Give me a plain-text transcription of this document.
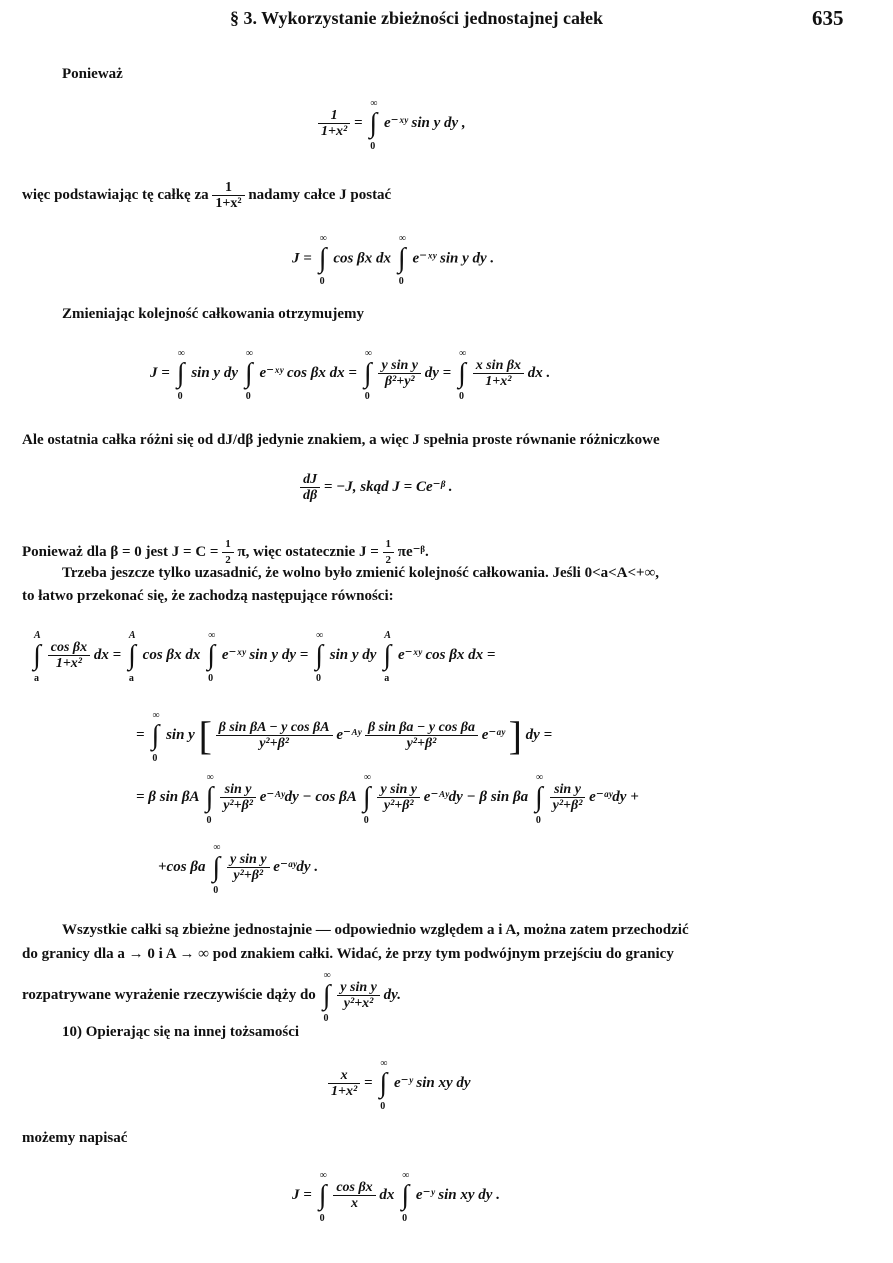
§ 3. Wykorzystanie zbieżności jednostajnej całek	635
Ponieważ
$\frac{1}{\text{1+x²}}$ =
∞
∫
0
e⁻ˣʸ sin y dy ,
więc podstawiając tę całkę za $\frac{1}{\text{1+x²}}$ nadamy całce J postać
J =
∞
∫
0
cos βx dx
∞
∫
0
e⁻ˣʸ sin y dy .
Zmieniając kolejność całkowania otrzymujemy
J =
∞
∫
0
sin y dy
∞
∫
0
e⁻ˣʸ cos βx dx =
∞
∫
0

$\frac{\text{y sin y}}{\text{β²+y²}}$ dy =
∞
∫
0

$\frac{\text{x sin βx}}{\text{1+x²}}$ dx .
Ale ostatnia całka różni się od dJ/dβ jedynie znakiem, a więc J spełnia proste równanie różniczkowe
$\frac{dJ}{d\beta} = -J$, skąd J = Ce⁻ᵝ .
Ponieważ dla β = 0 jest $J = C = \frac{1}{2} \pi$, więc ostatecznie $J = \frac{1}{2}$ πe⁻ᵝ.
Trzeba jeszcze tylko uzasadnić, że wolno było zmienić kolejność całkowania. Jeśli 0<a<A<+∞,
to łatwo przekonać się, że zachodzą następujące równości:
A
∫
a

$\frac{\text{cos βx}}{\text{1+x²}}$ dx =
A
∫
a
cos βx dx
∞
∫
0
e⁻ˣʸ sin y dy =
∞
∫
0
sin y dy
A
∫
a
e⁻ˣʸ cos βx dx =
=
∞
∫
0
sin y [ $\frac{\text{β sin βA − y cos βA}}{\text{y²+β²}}$ e⁻ᴬʸ $\frac{\text{β sin βa − y cos βa}}{\text{y²+β²}}$ e⁻ᵃʸ ] dy =
= β sin βA
∞
∫
0

$\frac{\text{sin y}}{\text{y²+β²}}$ e⁻ᴬʸdy − cos βA
∞
∫
0

$\frac{\text{y sin y}}{\text{y²+β²}}$ e⁻ᴬʸdy − β sin βa
∞
∫
0

$\frac{\text{sin y}}{\text{y²+β²}}$ e⁻ᵃʸdy +
+cos βa
∞
∫
0

$\frac{\text{y sin y}}{\text{y²+β²}}$ e⁻ᵃʸdy .
Wszystkie całki są zbieżne jednostajnie — odpowiednio względem a i A, można zatem przechodzić
do granicy dla a → 0 i A → ∞ pod znakiem całki. Widać, że przy tym podwójnym przejściu do granicy
rozpatrywane wyrażenie rzeczywiście dąży do
∞
∫
0

$\frac{\text{y sin y}}{\text{y²+x²}}$ dy.
10) Opierając się na innej tożsamości
$\frac{x}{\text{1+x²}}$ =
∞
∫
0
e⁻ʸ sin xy dy
możemy napisać
J =
∞
∫
0

$\frac{\text{cos βx}}{x}$ dx
∞
∫
0
e⁻ʸ sin xy dy .
